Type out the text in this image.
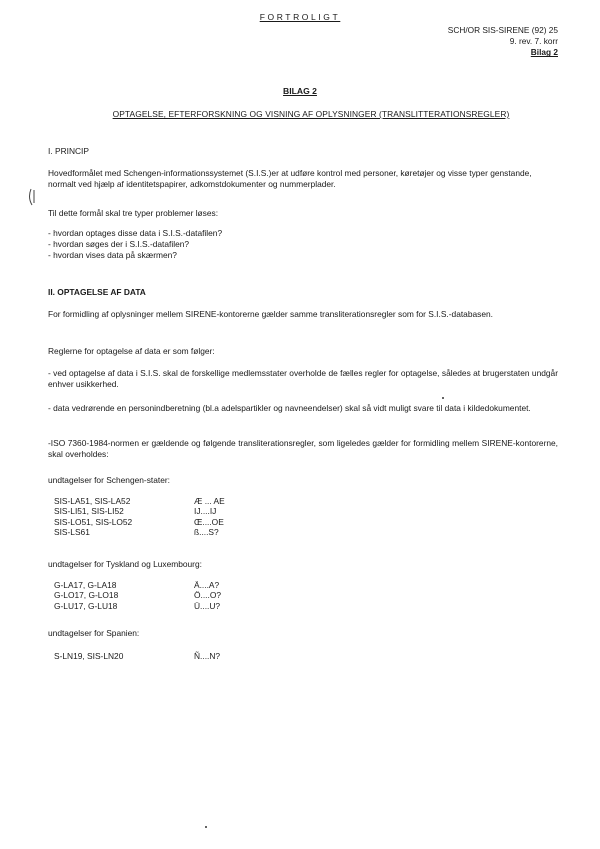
FORTROLIGT
SCH/OR SIS-SIRENE (92) 25
9. rev. 7. korr
Bilag 2
BILAG 2
OPTAGELSE, EFTERFORSKNING OG VISNING AF OPLYSNINGER (TRANSLITTERATIONSREGLER)
I. PRINCIP
Hovedformålet med Schengen-informationssystemet (S.I.S.)er at udføre kontrol med personer, køretøjer og visse typer genstande, normalt ved hjælp af identitetspapirer, adkomstdokumenter og nummerplader.
Til dette formål skal tre typer problemer løses:

- hvordan optages disse data i S.I.S.-datafilen?

- hvordan søges der i S.I.S.-datafilen?

- hvordan vises data på skærmen?

II. OPTAGELSE AF DATA
For formidling af oplysninger mellem SIRENE-kontorerne gælder samme transliterationsregler som for S.I.S.-databasen.
Reglerne for optagelse af data er som følger:
- ved optagelse af data i S.I.S. skal de forskellige medlemsstater overholde de fælles regler for optagelse, således at brugerstaten undgår enhver usikkerhed.
- data vedrørende en personindberetning (bl.a adelspartikler og navneendelser) skal så vidt muligt svare til data i kildedokumentet.
-ISO 7360-1984-normen er gældende og følgende transliterationsregler, som ligeledes gælder for formidling mellem SIRENE-kontorerne, skal overholdes:
undtagelser for Schengen-stater:
SIS-LA51, SIS-LA52	Æ ... AE
SIS-LI51, SIS-LI52	IJ....IJ
SIS-LO51, SIS-LO52	Œ....OE
SIS-LS61	ß....S?
undtagelser for Tyskland og Luxembourg:
G-LA17, G-LA18	Ä....A?
G-LO17, G-LO18	Ö....O?
G-LU17, G-LU18	Ü....U?
undtagelser for Spanien:
S-LN19, SIS-LN20	Ñ....N?
